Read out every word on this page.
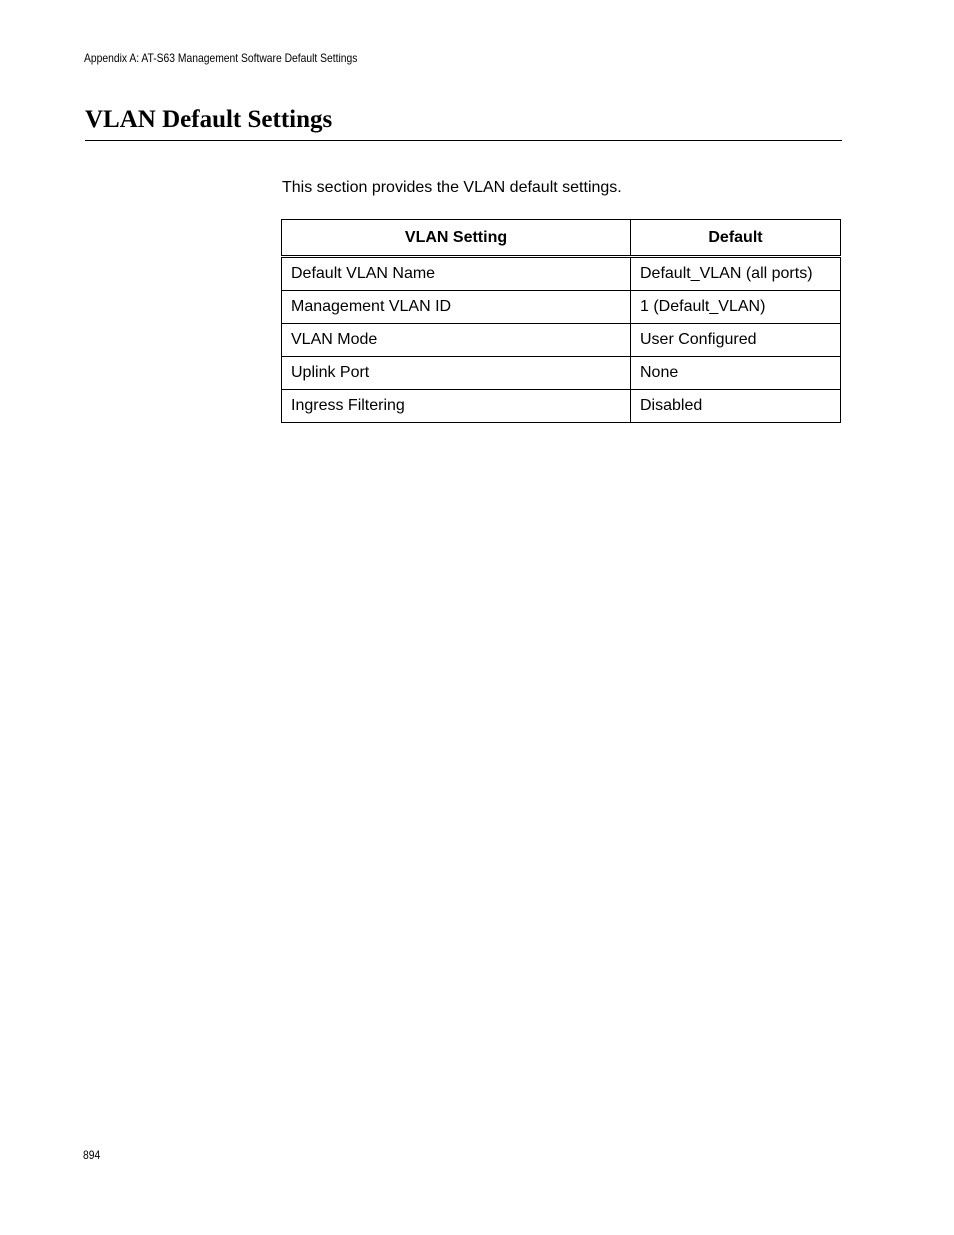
Appendix A: AT-S63 Management Software Default Settings
VLAN Default Settings

This section provides the VLAN default settings.

VLAN Setting	Default
Default VLAN Name	Default_VLAN (all ports)
Management VLAN ID	1 (Default_VLAN)
VLAN Mode	User Configured
Uplink Port	None
Ingress Filtering	Disabled
894
